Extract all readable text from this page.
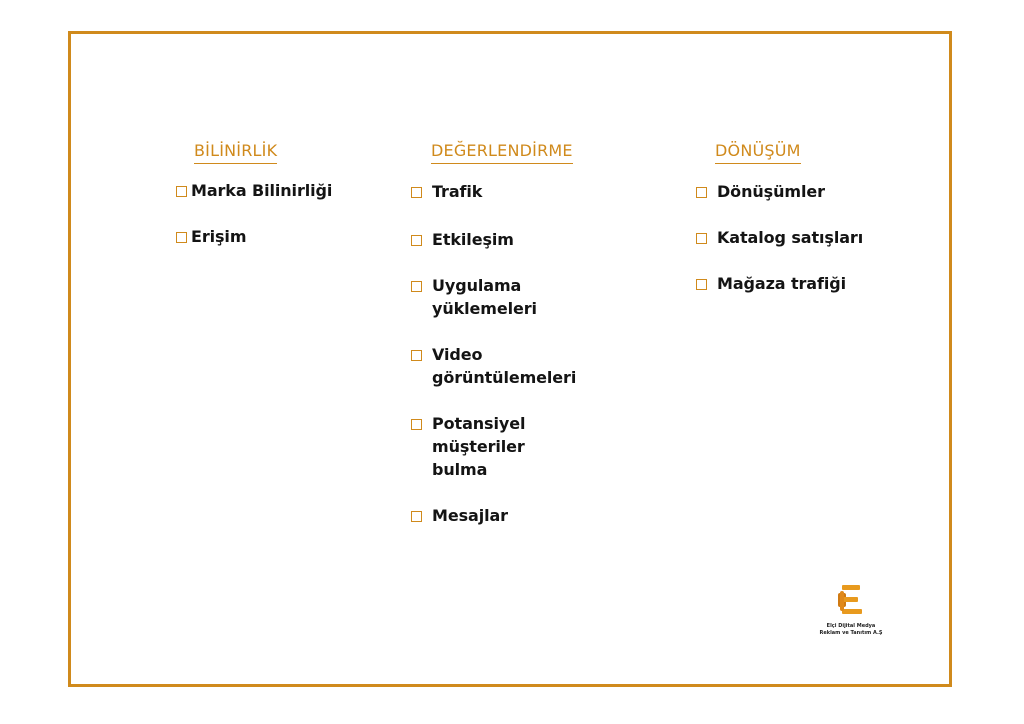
BİLİNİRLİK
Marka Bilinirliği
Erişim
DEĞERLENDİRME
Trafik
Etkileşim
Uygulama yüklemeleri
Video görüntülemeleri
Potansiyel müşteriler bulma
Mesajlar
DÖNÜŞÜM
Dönüşümler
Katalog satışları
Mağaza trafiği
Elçi Dijital Medya
Reklam ve Tanıtım A.Ş
